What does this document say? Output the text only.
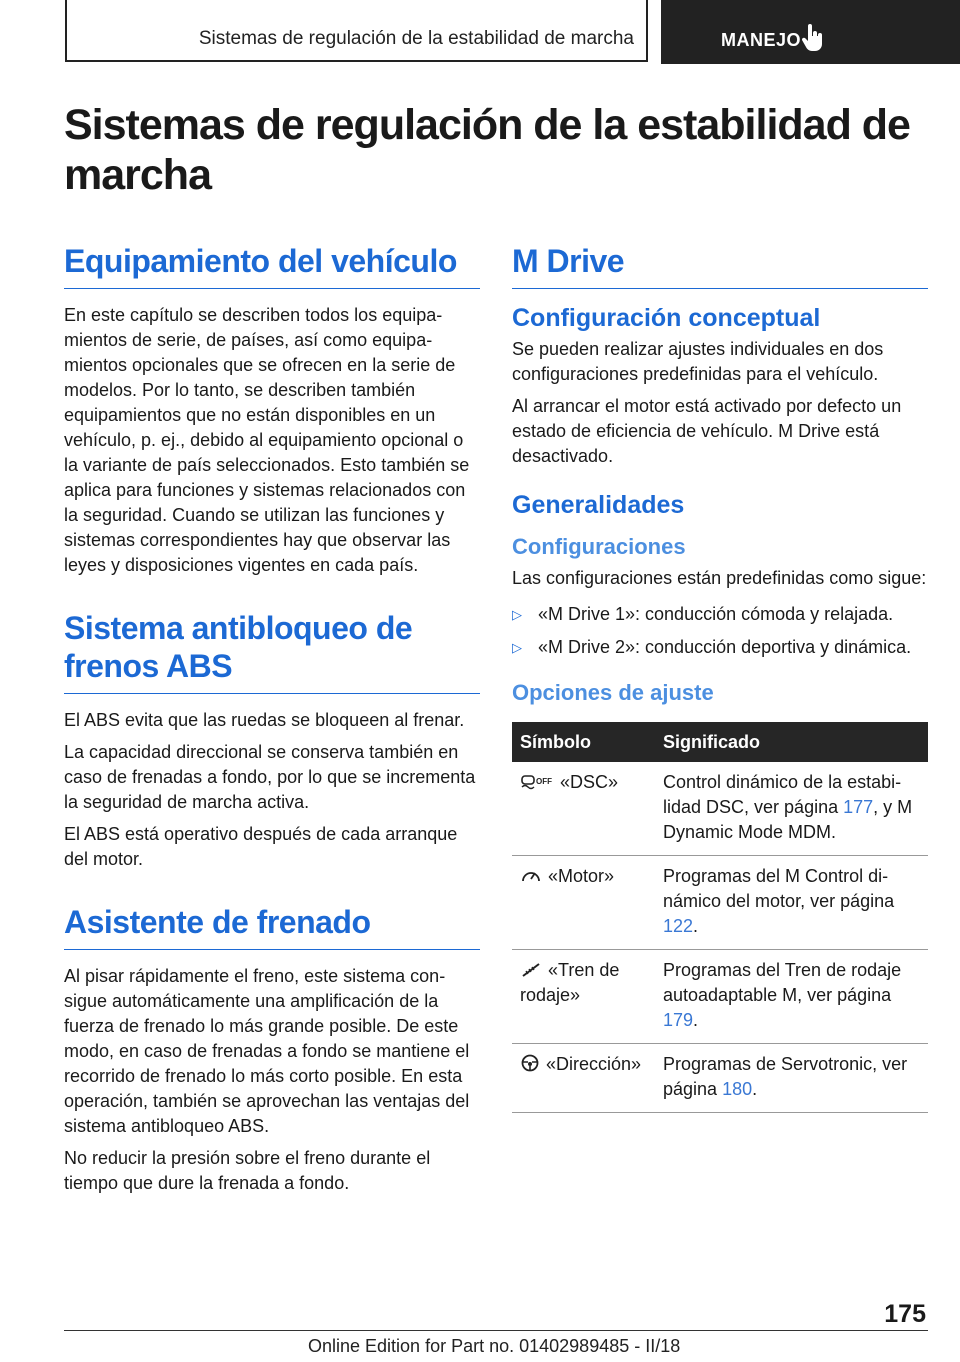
Sistemas de regulación de la estabilidad de marcha	MANEJO
Sistemas de regulación de la estabilidad de marcha
Equipamiento del vehículo

En este capítulo se describen todos los equipamientos de serie, de países, así como equipamientos opcionales que se ofrecen en la serie de modelos. Por lo tanto, se describen también equipamientos que no están disponibles en un vehículo, p. ej., debido al equipamiento opcional o la variante de país seleccionados. Esto también se aplica para funciones y sistemas relacionados con la seguridad. Cuando se utilizan las funciones y sistemas correspondientes hay que observar las leyes y disposiciones vigentes en cada país.

Sistema antibloqueo de frenos ABS

El ABS evita que las ruedas se bloqueen al frenar.

La capacidad direccional se conserva también en caso de frenadas a fondo, por lo que se incrementa la seguridad de marcha activa.

El ABS está operativo después de cada arranque del motor.

Asistente de frenado

Al pisar rápidamente el freno, este sistema consigue automáticamente una amplificación de la fuerza de frenado lo más grande posible. De este modo, en caso de frenadas a fondo se mantiene el recorrido de frenado lo más corto posible. En esta operación, también se aprovechan las ventajas del sistema antibloqueo ABS.

No reducir la presión sobre el freno durante el tiempo que dure la frenada a fondo.

M Drive
Configuración conceptual

Se pueden realizar ajustes individuales en dos configuraciones predefinidas para el vehículo.

Al arrancar el motor está activado por defecto un estado de eficiencia de vehículo. M Drive está desactivado.

Generalidades
Configuraciones

Las configuraciones están predefinidas como sigue:

▷ «M Drive 1»: conducción cómoda y relajada.
▷ «M Drive 2»: conducción deportiva y dinámica.
Opciones de ajuste
Símbolo	Significado

OFF «DSC»	Control dinámico de la estabilidad DSC, ver página 177, y M Dynamic Mode MDM.
«Motor»	Programas del M Control dinámico del motor, ver página 122.
«Tren de rodaje»	Programas del Tren de rodaje autoadaptable M, ver página 179.
«Dirección»	Programas de Servotronic, ver página 180.
175
Online Edition for Part no. 01402989485 - II/18
